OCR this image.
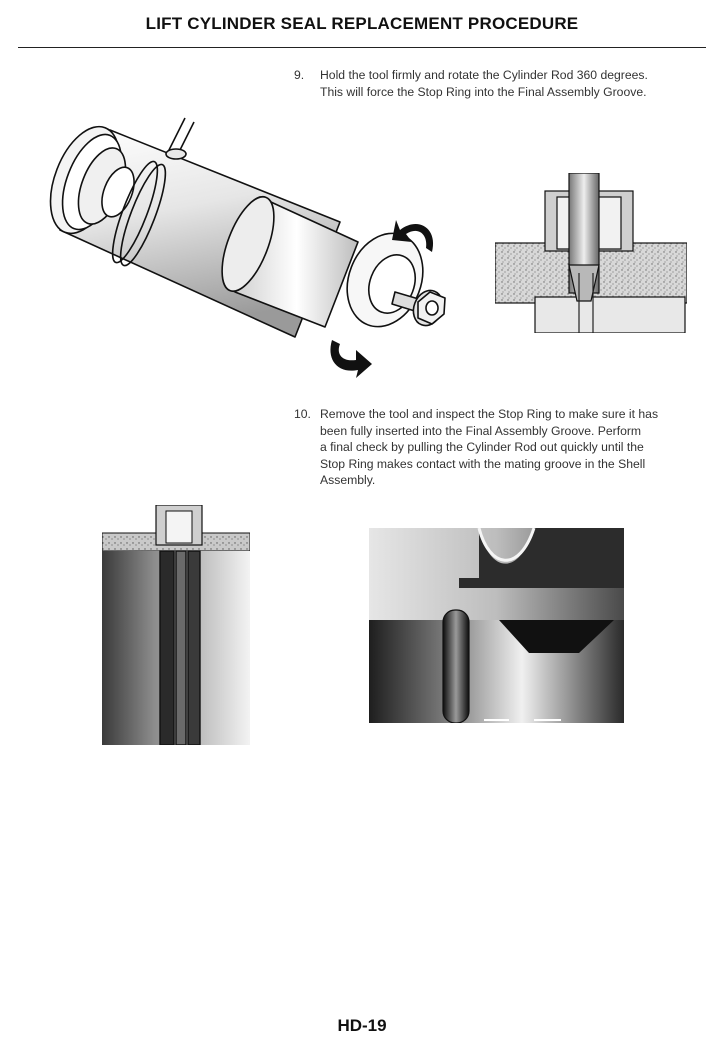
LIFT CYLINDER SEAL REPLACEMENT PROCEDURE
9. Hold the tool firmly and rotate the Cylinder Rod 360 degrees.
This will force the Stop Ring into the Final Assembly Groove.
10. Remove the tool and inspect the Stop Ring to make sure it has
been fully inserted into the Final Assembly Groove. Perform
a final check by pulling the Cylinder Rod out quickly until the
Stop Ring makes contact with the mating groove in the Shell
Assembly.
HD-19
